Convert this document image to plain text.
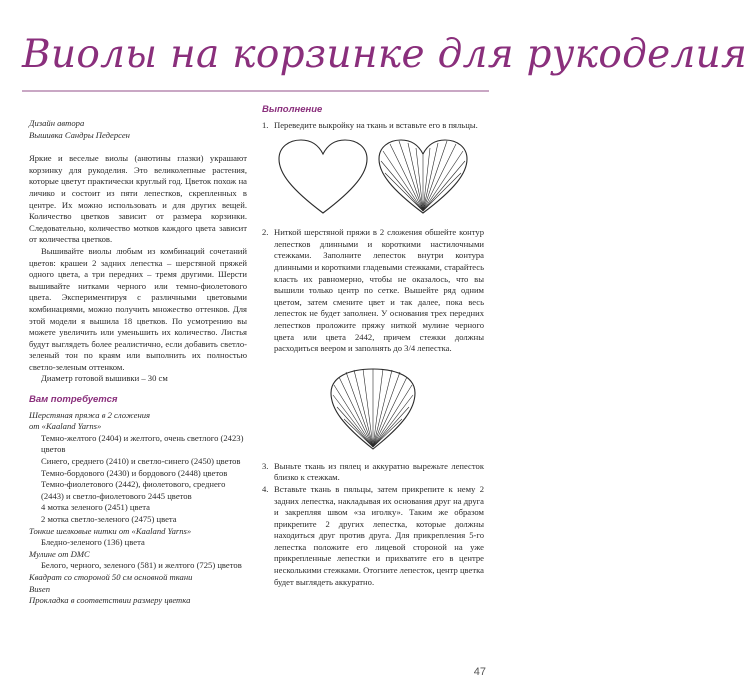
Виолы на корзинке для рукоделия

Дизайн автора

Вышивка Сандры Педерсен

Яркие и веселые виолы (анютины глазки) украшают корзинку для рукоделия. Это великолепные растения, которые цветут практически круглый год. Цветок похож на личико и состоит из пяти лепестков, скрепленных в центре. Их можно использовать и для других вещей. Количество цветков зависит от размера корзинки. Следовательно, количество мотков каждого цвета зависит от количества цветков.

Вышивайте виолы любым из комбинаций сочетаний цветов: крашеи 2 задних лепестка – шерстяной пряжей одного цвета, а три передних – тремя другими. Шерсти вышивайте нитками черного или темно-фиолетового цвета. Экспериментируя с различными цветовыми комбинациями, можно получить множество оттенков. Для этой модели я вышила 18 цветков. По усмотрению вы можете увеличить или уменьшить их количество. Листья будут выглядеть более реалистично, если добавить светло-зеленый тон по краям или выполнить их полностью светло-зеленым оттенком.

Диаметр готовой вышивки – 30 см

Вам потребуется
Шерстяная пряжа в 2 сложения
от «Kaaland Yarns»
Темно-желтого (2404) и желтого, очень светлого (2423) цветов
Синего, среднего (2410) и светло-синего (2450) цветов
Темно-бордового (2430) и бордового (2448) цветов
Темно-фиолетового (2442), фиолетового, среднего (2443) и светло-фиолетового 2445 цветов
4 мотка зеленого (2451) цвета
2 мотка светло-зеленого (2475) цвета
Тонкие шелковые нитки от «Kaaland Yarns»
Бледно-зеленого (136) цвета
Мулине от DMC
Белого, черного, зеленого (581) и желтого (725) цветов
Квадрат со стороной 50 см основной ткани
Виsen
Прокладка в соответствии размеру цветка
Выполнение
1. Переведите выкройку на ткань и вставьте его в пяльцы.
2. Ниткой шерстяной пряжи в 2 сложения обшейте контур лепестков длинными и короткими настилочными стежками. Заполните лепесток внутри контура длинными и короткими гладевыми стежками, старайтесь класть их равномерно, чтобы не оказалось, что вы вышили только центр по сетке. Вышейте ряд одним цветом, затем смените цвет и так далее, пока весь лепесток не будет заполнен. У основания трех передних лепестков проложите пряжу ниткой мулине черного цвета или цвета 2442, причем стежки должны расходиться веером и заполнять до 3/4 лепестка.
3. Выньте ткань из пялец и аккуратно вырежьте лепесток близко к стежкам.
4. Вставьте ткань в пяльцы, затем прикрепите к нему 2 задних лепестка, накладывая их основания друг на друга и закрепляя швом «за иголку». Таким же образом прикрепите 2 других лепестка, которые должны находиться друг против друга. Для прикрепления 5-го лепестка положите его лицевой стороной на уже прикрепленные лепестки и прихватите его в центре несколькими стежками. Отогните лепесток, центр цветка будет выглядеть аккуратно.
47
